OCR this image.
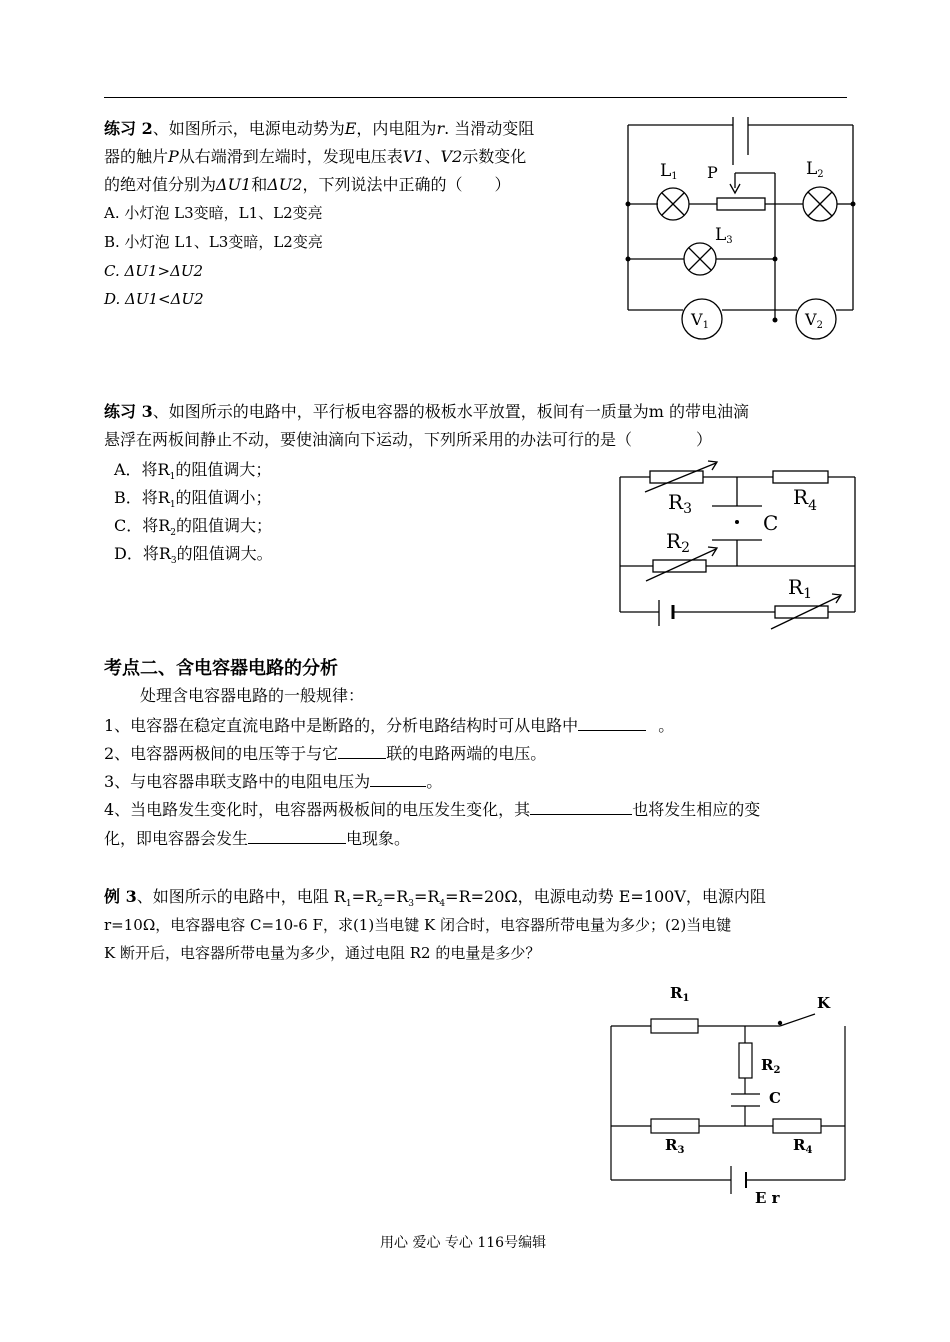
练习 2、如图所示，电源电动势为E，内电阻为r. 当滑动变阻
器的触片P从右端滑到左端时，发现电压表V1、V2示数变化
的绝对值分别为ΔU1和ΔU2，下列说法中正确的（　　）
A. 小灯泡 L3变暗，L1、L2变亮
B. 小灯泡 L1、L3变暗，L2变亮
C. ΔU1>ΔU2
D. ΔU1<ΔU2
L1	L2
P
L3
V1	V2
练习 3、如图所示的电路中，平行板电容器的极板水平放置，板间有一质量为m 的带电油滴
悬浮在两板间静止不动，要使油滴向下运动，下列所采用的办法可行的是（　　　　）
A．将$R_1$的阻值调大；
B．将$R_1$的阻值调小；
C．将$R_2$的阻值调大；
D．将$R_3$的阻值调大。
$R_3$	$R_4$
C
$R_2$
$R_1$
考点二、含电容器电路的分析
处理含电容器电路的一般规律：
1、电容器在稳定直流电路中是断路的，分析电路结构时可从电路中	。
2、电容器两极间的电压等于与它	联的电路两端的电压。
3、与电容器串联支路中的电阻电压为	。
4、当电路发生变化时，电容器两极板间的电压发生变化，其	也将发生相应的变
化，即电容器会发生	电现象。
例 3、如图所示的电路中，电阻 $R_1=R_2=R_3=R_4=R=20\Omega$，电源电动势 E=100V，电源内阻
r=10Ω，电容器电容 C=10-6 F，求(1)当电键 K 闭合时，电容器所带电量为多少；(2)当电键
K 断开后，电容器所带电量为多少，通过电阻 R2 的电量是多少？
$R_1$	K
$R_2$
C
$R_3$	$R_4$
E r
用心 爱心 专心 116号编辑
